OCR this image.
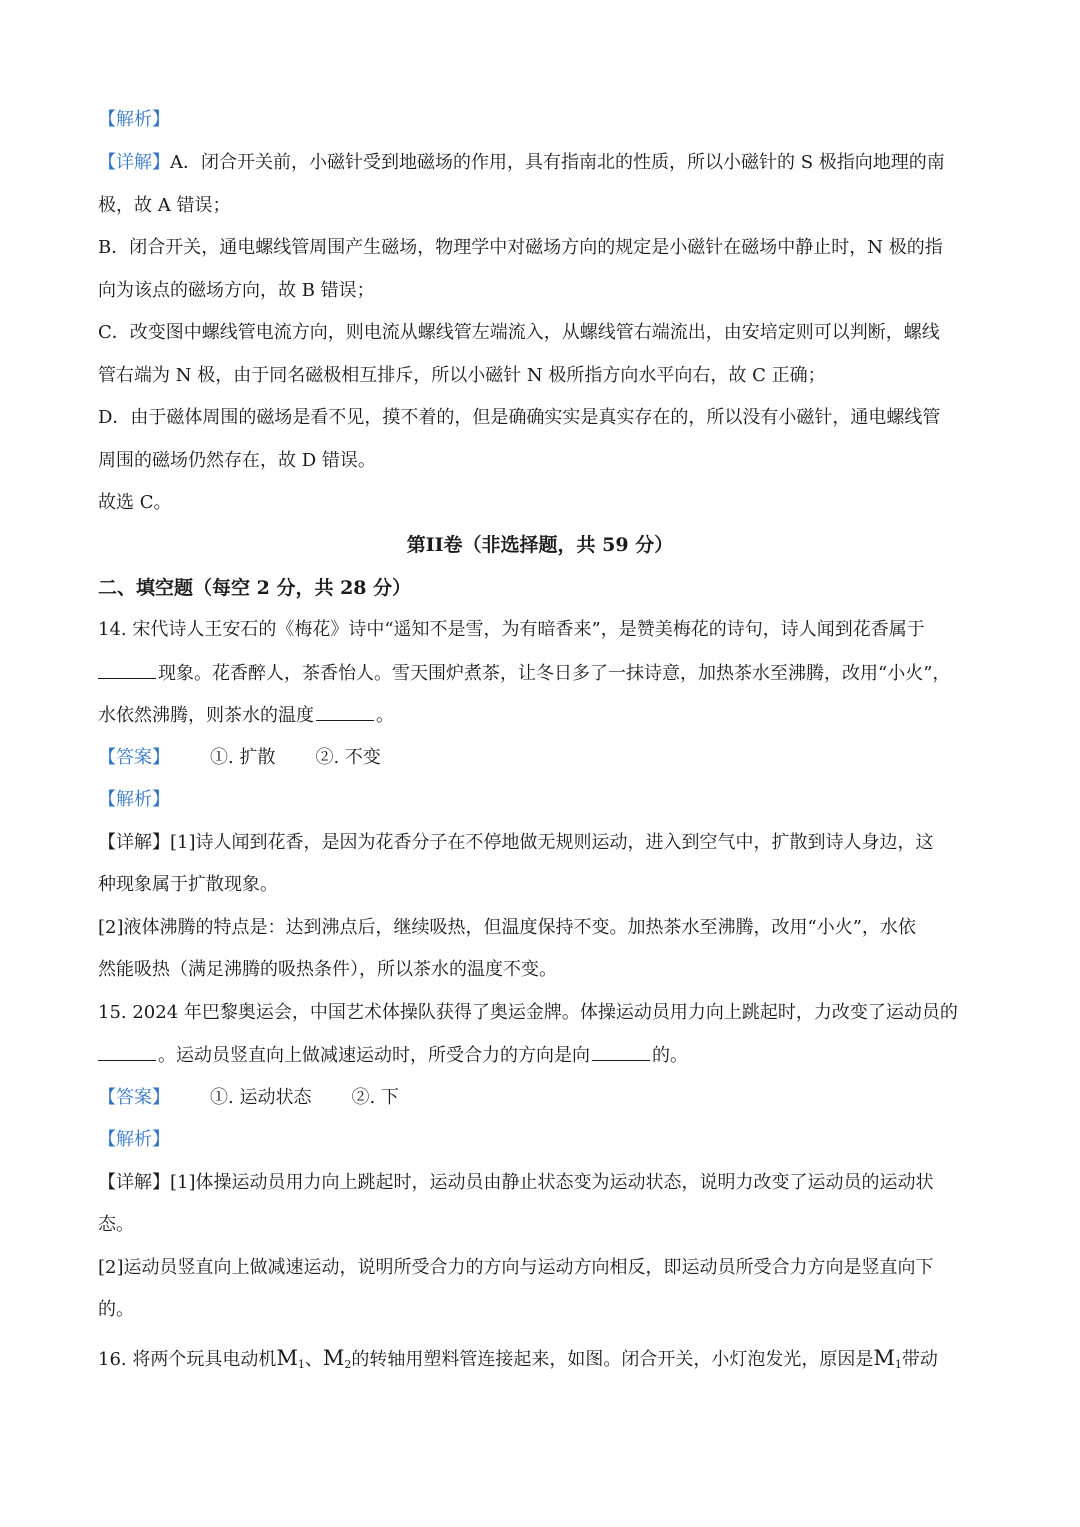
【解析】
【详解】A．闭合开关前，小磁针受到地磁场的作用，具有指南北的性质，所以小磁针的 S 极指向地理的南
极，故 A 错误；
B．闭合开关，通电螺线管周围产生磁场，物理学中对磁场方向的规定是小磁针在磁场中静止时，N 极的指
向为该点的磁场方向，故 B 错误；
C．改变图中螺线管电流方向，则电流从螺线管左端流入，从螺线管右端流出，由安培定则可以判断，螺线
管右端为 N 极，由于同名磁极相互排斥，所以小磁针 N 极所指方向水平向右，故 C 正确；
D．由于磁体周围的磁场是看不见，摸不着的，但是确确实实是真实存在的，所以没有小磁针，通电螺线管
周围的磁场仍然存在，故 D 错误。
故选 C。
第II卷（非选择题，共 59 分）
二、填空题（每空 2 分，共 28 分）
14. 宋代诗人王安石的《梅花》诗中“遥知不是雪，为有暗香来”，是赞美梅花的诗句，诗人闻到花香属于
现象。花香醉人，茶香怡人。雪天围炉煮茶，让冬日多了一抹诗意，加热茶水至沸腾，改用“小火”，
水依然沸腾，则茶水的温度	。
【答案】 ①. 扩散 ②. 不变
【解析】
【详解】[1]诗人闻到花香，是因为花香分子在不停地做无规则运动，进入到空气中，扩散到诗人身边，这
种现象属于扩散现象。
[2]液体沸腾的特点是：达到沸点后，继续吸热，但温度保持不变。加热茶水至沸腾，改用“小火”，水依
然能吸热（满足沸腾的吸热条件），所以茶水的温度不变。
15. 2024 年巴黎奥运会，中国艺术体操队获得了奥运金牌。体操运动员用力向上跳起时，力改变了运动员的
。运动员竖直向上做减速运动时，所受合力的方向是向	的。
【答案】 ①. 运动状态 ②. 下
【解析】
【详解】[1]体操运动员用力向上跳起时，运动员由静止状态变为运动状态，说明力改变了运动员的运动状
态。
[2]运动员竖直向上做减速运动，说明所受合力的方向与运动方向相反，即运动员所受合力方向是竖直向下
的。
16. 将两个玩具电动机$M_1$、$M_2$的转轴用塑料管连接起来，如图。闭合开关，小灯泡发光，原因是$M_1$带动
